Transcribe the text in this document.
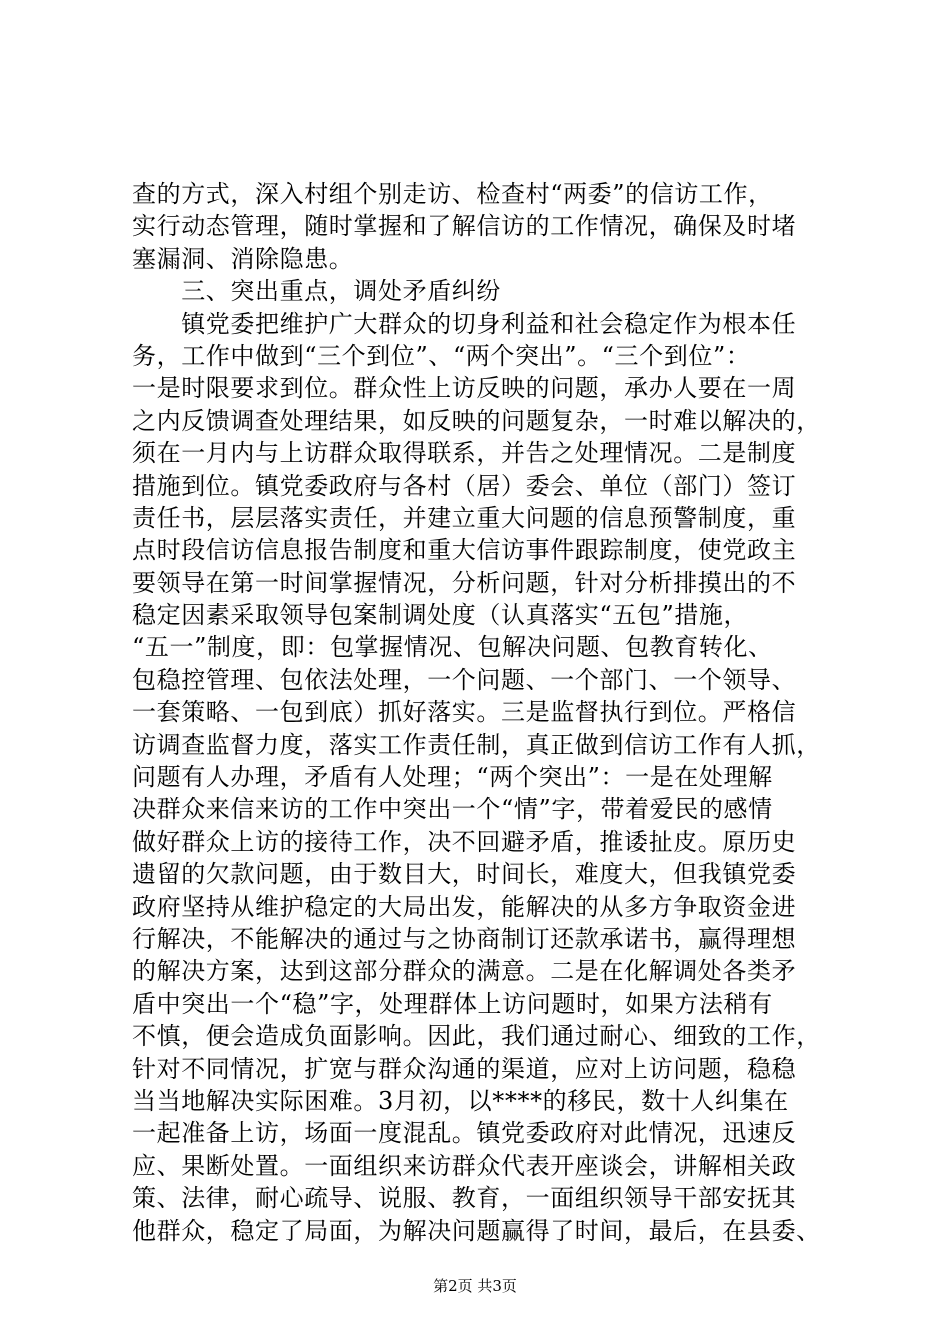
查的方式，深入村组个别走访、检查村“两委”的信访工作，
实行动态管理，随时掌握和了解信访的工作情况，确保及时堵
塞漏洞、消除隐患。
　　三、突出重点，调处矛盾纠纷
　　镇党委把维护广大群众的切身利益和社会稳定作为根本任
务，工作中做到“三个到位”、“两个突出”。“三个到位”：
一是时限要求到位。群众性上访反映的问题，承办人要在一周
之内反馈调查处理结果，如反映的问题复杂，一时难以解决的，
须在一月内与上访群众取得联系，并告之处理情况。二是制度
措施到位。镇党委政府与各村（居）委会、单位（部门）签订
责任书，层层落实责任，并建立重大问题的信息预警制度，重
点时段信访信息报告制度和重大信访事件跟踪制度，使党政主
要领导在第一时间掌握情况，分析问题，针对分析排摸出的不
稳定因素采取领导包案制调处度（认真落实“五包”措施，
“五一”制度，即：包掌握情况、包解决问题、包教育转化、
包稳控管理、包依法处理，一个问题、一个部门、一个领导、
一套策略、一包到底）抓好落实。三是监督执行到位。严格信
访调查监督力度，落实工作责任制，真正做到信访工作有人抓，
问题有人办理，矛盾有人处理；“两个突出”：一是在处理解
决群众来信来访的工作中突出一个“情”字，带着爱民的感情
做好群众上访的接待工作，决不回避矛盾，推诿扯皮。原历史
遗留的欠款问题，由于数目大，时间长，难度大，但我镇党委
政府坚持从维护稳定的大局出发，能解决的从多方争取资金进
行解决，不能解决的通过与之协商制订还款承诺书，赢得理想
的解决方案，达到这部分群众的满意。二是在化解调处各类矛
盾中突出一个“稳”字，处理群体上访问题时，如果方法稍有
不慎，便会造成负面影响。因此，我们通过耐心、细致的工作，
针对不同情况，扩宽与群众沟通的渠道，应对上访问题，稳稳
当当地解决实际困难。3月初，以****的移民，数十人纠集在
一起准备上访，场面一度混乱。镇党委政府对此情况，迅速反
应、果断处置。一面组织来访群众代表开座谈会，讲解相关政
策、法律，耐心疏导、说服、教育，一面组织领导干部安抚其
他群众，稳定了局面，为解决问题赢得了时间，最后，在县委、
第2页 共3页
